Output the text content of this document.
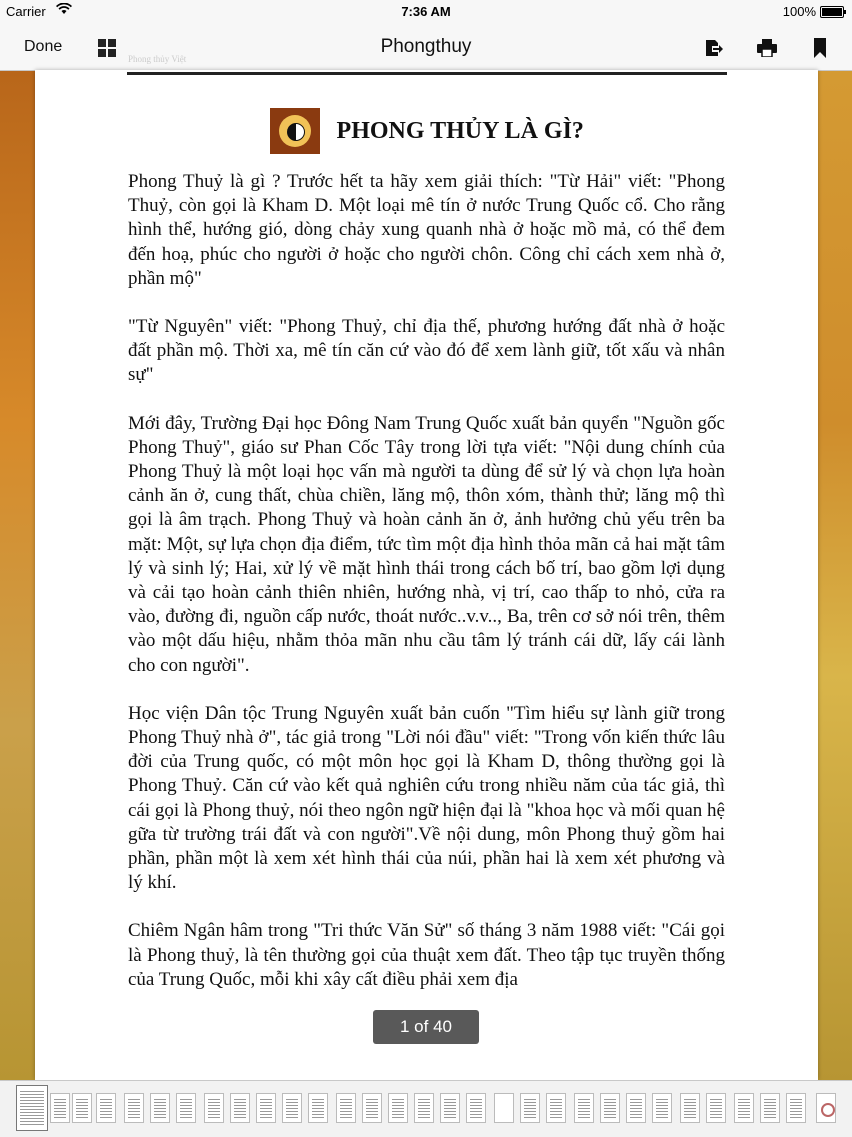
Carrier	7:36 AM	100%
Done	Phongthuy
Phong thủy Việt
PHONG THỦY LÀ GÌ?

Phong Thuỷ là gì ? Trước hết ta hãy xem giải thích: "Từ Hải" viết: "Phong Thuỷ, còn gọi là Kham D. Một loại mê tín ở nước Trung Quốc cổ. Cho rằng hình thể, hướng gió, dòng chảy xung quanh nhà ở hoặc mồ mả, có thể đem đến hoạ, phúc cho người ở hoặc cho người chôn. Công chỉ cách xem nhà ở, phần mộ"

"Từ Nguyên" viết: "Phong Thuỷ, chỉ địa thế, phương hướng đất nhà ở hoặc đất phần mộ. Thời xa, mê tín căn cứ vào đó để xem lành giữ, tốt xấu và nhân sự"

Mới đây, Trường Đại học Đông Nam Trung Quốc xuất bản quyển "Nguồn gốc Phong Thuỷ", giáo sư Phan Cốc Tây trong lời tựa viết: "Nội dung chính của Phong Thuỷ là một loại học vấn mà người ta dùng để sử lý và chọn lựa hoàn cảnh ăn ở, cung thất, chùa chiền, lăng mộ, thôn xóm, thành thử; lăng mộ thì gọi là âm trạch. Phong Thuỷ và hoàn cảnh ăn ở, ảnh hưởng chủ yếu trên ba mặt: Một, sự lựa chọn địa điểm, tức tìm một địa hình thỏa mãn cả hai mặt tâm lý và sinh lý; Hai, xử lý về mặt hình thái trong cách bố trí, bao gồm lợi dụng và cải tạo hoàn cảnh thiên nhiên, hướng nhà, vị trí, cao thấp to nhỏ, cửa ra vào, đường đi, nguồn cấp nước, thoát nước..v.v.., Ba, trên cơ sở nói trên, thêm vào một dấu hiệu, nhằm thỏa mãn nhu cầu tâm lý tránh cái dữ, lấy cái lành cho con người".

Học viện Dân tộc Trung Nguyên xuất bản cuốn "Tìm hiểu sự lành giữ trong Phong Thuỷ nhà ở", tác giả trong "Lời nói đầu" viết: "Trong vốn kiến thức lâu đời của Trung quốc, có một môn học gọi là Kham D, thông thường gọi là Phong Thuỷ. Căn cứ vào kết quả nghiên cứu trong nhiều năm của tác giả, thì cái gọi là Phong thuỷ, nói theo ngôn ngữ hiện đại là "khoa học và mối quan hệ gữa từ trường trái đất và con người".Về nội dung, môn Phong thuỷ gồm hai phần, phần một là xem xét hình thái của núi, phần hai là xem xét phương và lý khí.

Chiêm Ngân hâm trong "Tri thức Văn Sử" số tháng 3 năm 1988 viết: "Cái gọi là Phong thuỷ, là tên thường gọi của thuật xem đất. Theo tập tục truyền thống của Trung Quốc, mỗi khi xây cất điều phải xem địa

1 of 40
